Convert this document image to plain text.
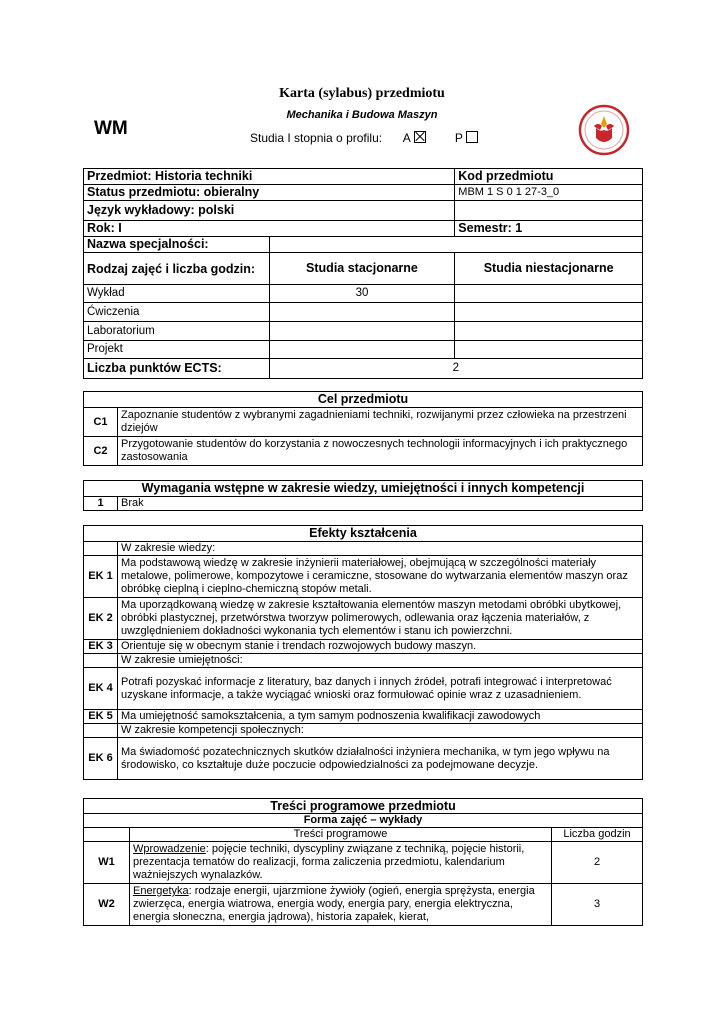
Karta (sylabus) przedmiotu
Mechanika i Budowa Maszyn
WM	Studia I stopnia o profilu: A	P
Przedmiot: Historia techniki		Kod przedmiotu
Status przedmiotu: obieralny		MBM 1 S 0 1 27-3_0
Język wykładowy: polski		
Rok: I		Semestr: 1
Nazwa specjalności:		
Rodzaj zajęć i liczba godzin:	Studia stacjonarne	Studia niestacjonarne
Wykład	30	
Ćwiczenia		
Laboratorium		
Projekt		
Liczba punktów ECTS:	2	
Cel przedmiotu	
C1	Zapoznanie studentów z wybranymi zagadnieniami techniki, rozwijanymi przez człowieka na przestrzeni dziejów
C2	Przygotowanie studentów do korzystania z nowoczesnych technologii informacyjnych i ich praktycznego zastosowania
Wymagania wstępne w zakresie wiedzy, umiejętności i innych kompetencji
1	Brak
Efekty kształcenia	
	W zakresie wiedzy:
EK 1	Ma podstawową wiedzę w zakresie inżynierii materiałowej, obejmującą w szczególności materiały metalowe, polimerowe, kompozytowe i ceramiczne, stosowane do wytwarzania elementów maszyn oraz obróbkę cieplną i cieplno-chemiczną stopów metali.
EK 2	Ma uporządkowaną wiedzę w zakresie kształtowania elementów maszyn metodami obróbki ubytkowej, obróbki plastycznej, przetwórstwa tworzyw polimerowych, odlewania oraz łączenia materiałów, z uwzględnieniem dokładności wykonania tych elementów i stanu ich powierzchni.
EK 3	Orientuje się w obecnym stanie i trendach rozwojowych budowy maszyn.
	W zakresie umiejętności:
EK 4	Potrafi pozyskać informacje z literatury, baz danych i innych źródeł, potrafi integrować i interpretować uzyskane informacje, a także wyciągać wnioski oraz formułować opinie wraz z uzasadnieniem.
EK 5	Ma umiejętność samokształcenia, a tym samym podnoszenia kwalifikacji zawodowych
	W zakresie kompetencji społecznych:
EK 6	Ma świadomość pozatechnicznych skutków działalności inżyniera mechanika, w tym jego wpływu na środowisko, co kształtuje duże poczucie odpowiedzialności za podejmowane decyzje.
Treści programowe przedmiotu		
Forma zajęć – wykłady		
	Treści programowe	Liczba godzin
W1	Wprowadzenie: pojęcie techniki, dyscypliny związane z techniką, pojęcie historii, prezentacja tematów do realizacji, forma zaliczenia przedmiotu, kalendarium ważniejszych wynalazków.	2
W2	Energetyka: rodzaje energii, ujarzmione żywioły (ogień, energia sprężysta, energia zwierzęca, energia wiatrowa, energia wody, energia pary, energia elektryczna, energia słoneczna, energia jądrowa), historia zapałek, kierat,	3
